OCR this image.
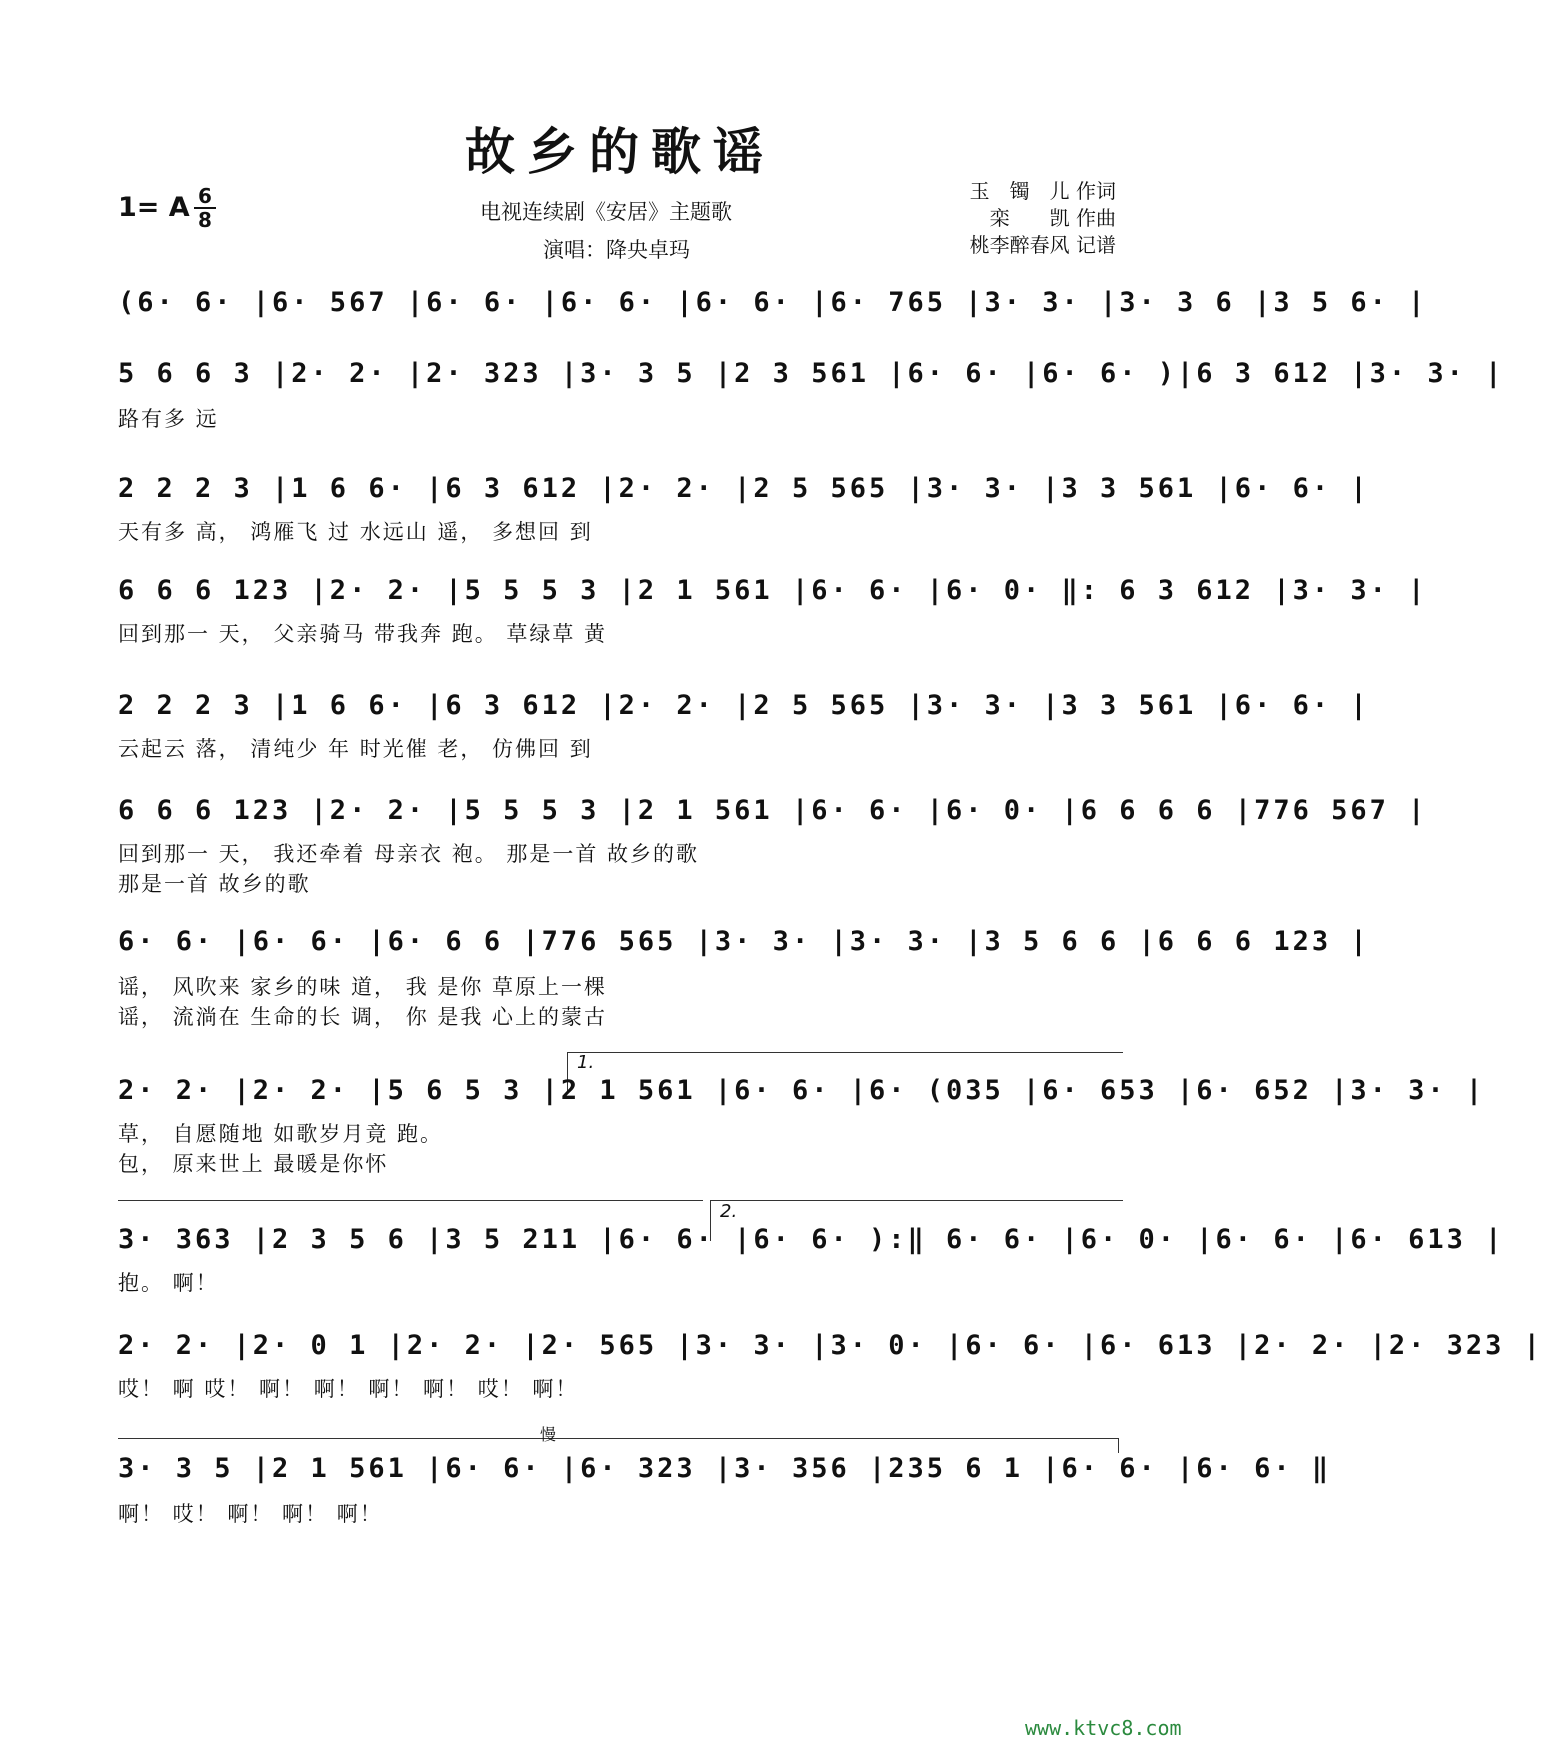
故乡的歌谣
1= A 6
8	电视连续剧《安居》主题歌
演唱：降央卓玛
玉　镯　儿 作词
栾　　凯 作曲
桃李醉春风 记谱
(6· 6· |6· 567 |6· 6· |6· 6· |6· 6· |6· 765 |3· 3· |3· 3 6 |3 5 6· |
5 6 6 3 |2· 2· |2· 323 |3· 3 5 |2 3 561 |6· 6· |6· 6· )|6 3 612 |3· 3· |
路有多 远
2 2 2 3 |1 6 6· |6 3 612 |2· 2· |2 5 565 |3· 3· |3 3 561 |6· 6· |
天有多 高， 鸿雁飞 过 水远山 遥， 多想回 到
6 6 6 123 |2· 2· |5 5 5 3 |2 1 561 |6· 6· |6· 0· ‖: 6 3 612 |3· 3· |
回到那一 天， 父亲骑马 带我奔 跑。 草绿草 黄
2 2 2 3 |1 6 6· |6 3 612 |2· 2· |2 5 565 |3· 3· |3 3 561 |6· 6· |
云起云 落， 清纯少 年 时光催 老， 仿佛回 到
6 6 6 123 |2· 2· |5 5 5 3 |2 1 561 |6· 6· |6· 0· |6 6 6 6 |776 567 |
回到那一 天， 我还牵着 母亲衣 袍。 那是一首 故乡的歌
那是一首 故乡的歌
6· 6· |6· 6· |6· 6 6 |776 565 |3· 3· |3· 3· |3 5 6 6 |6 6 6 123 |
谣， 风吹来 家乡的味 道， 我 是你 草原上一棵
谣， 流淌在 生命的长 调， 你 是我 心上的蒙古
1.
2· 2· |2· 2· |5 6 5 3 |2 1 561 |6· 6· |6· (035 |6· 653 |6· 652 |3· 3· |
草， 自愿随地 如歌岁月竟 跑。
包， 原来世上 最暖是你怀
2.
3· 363 |2 3 5 6 |3 5 211 |6· 6· |6· 6· ):‖ 6· 6· |6· 0· |6· 6· |6· 613 |
抱。 啊！
2· 2· |2· 0 1 |2· 2· |2· 565 |3· 3· |3· 0· |6· 6· |6· 613 |2· 2· |2· 323 |
哎！ 啊 哎！ 啊！ 啊！ 啊！ 啊！ 哎！ 啊！
慢
3· 3 5 |2 1 561 |6· 6· |6· 323 |3· 356 |235 6 1 |6· 6· |6· 6· ‖
啊！ 哎！ 啊！ 啊！ 啊！
www.ktvc8.com
